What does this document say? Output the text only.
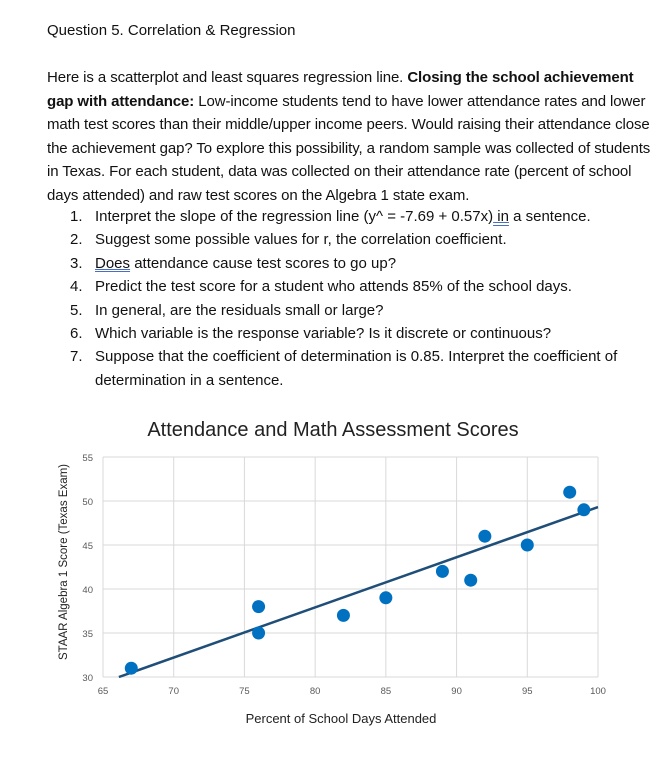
Question 5. Correlation & Regression
Here is a scatterplot and least squares regression line. Closing the school achievement gap with attendance: Low-income students tend to have lower attendance rates and lower math test scores than their middle/upper income peers. Would raising their attendance close the achievement gap? To explore this possibility, a random sample was collected of students in Texas. For each student, data was collected on their attendance rate (percent of school days attended) and raw test scores on the Algebra 1 state exam.
1. Interpret the slope of the regression line (y^ = -7.69 + 0.57x) in a sentence.
2. Suggest some possible values for r, the correlation coefficient.
3. Does attendance cause test scores to go up?
4. Predict the test score for a student who attends 85% of the school days.
5. In general, are the residuals small or large?
6. Which variable is the response variable? Is it discrete or continuous?
7. Suppose that the coefficient of determination is 0.85. Interpret the coefficient of determination in a sentence.
30
35
40
45
50
55
65	70	75	80	85	90	95	100
Attendance and Math Assessment Scores
Percent of School Days Attended
STAAR Algebra 1 Score (Texas Exam)
